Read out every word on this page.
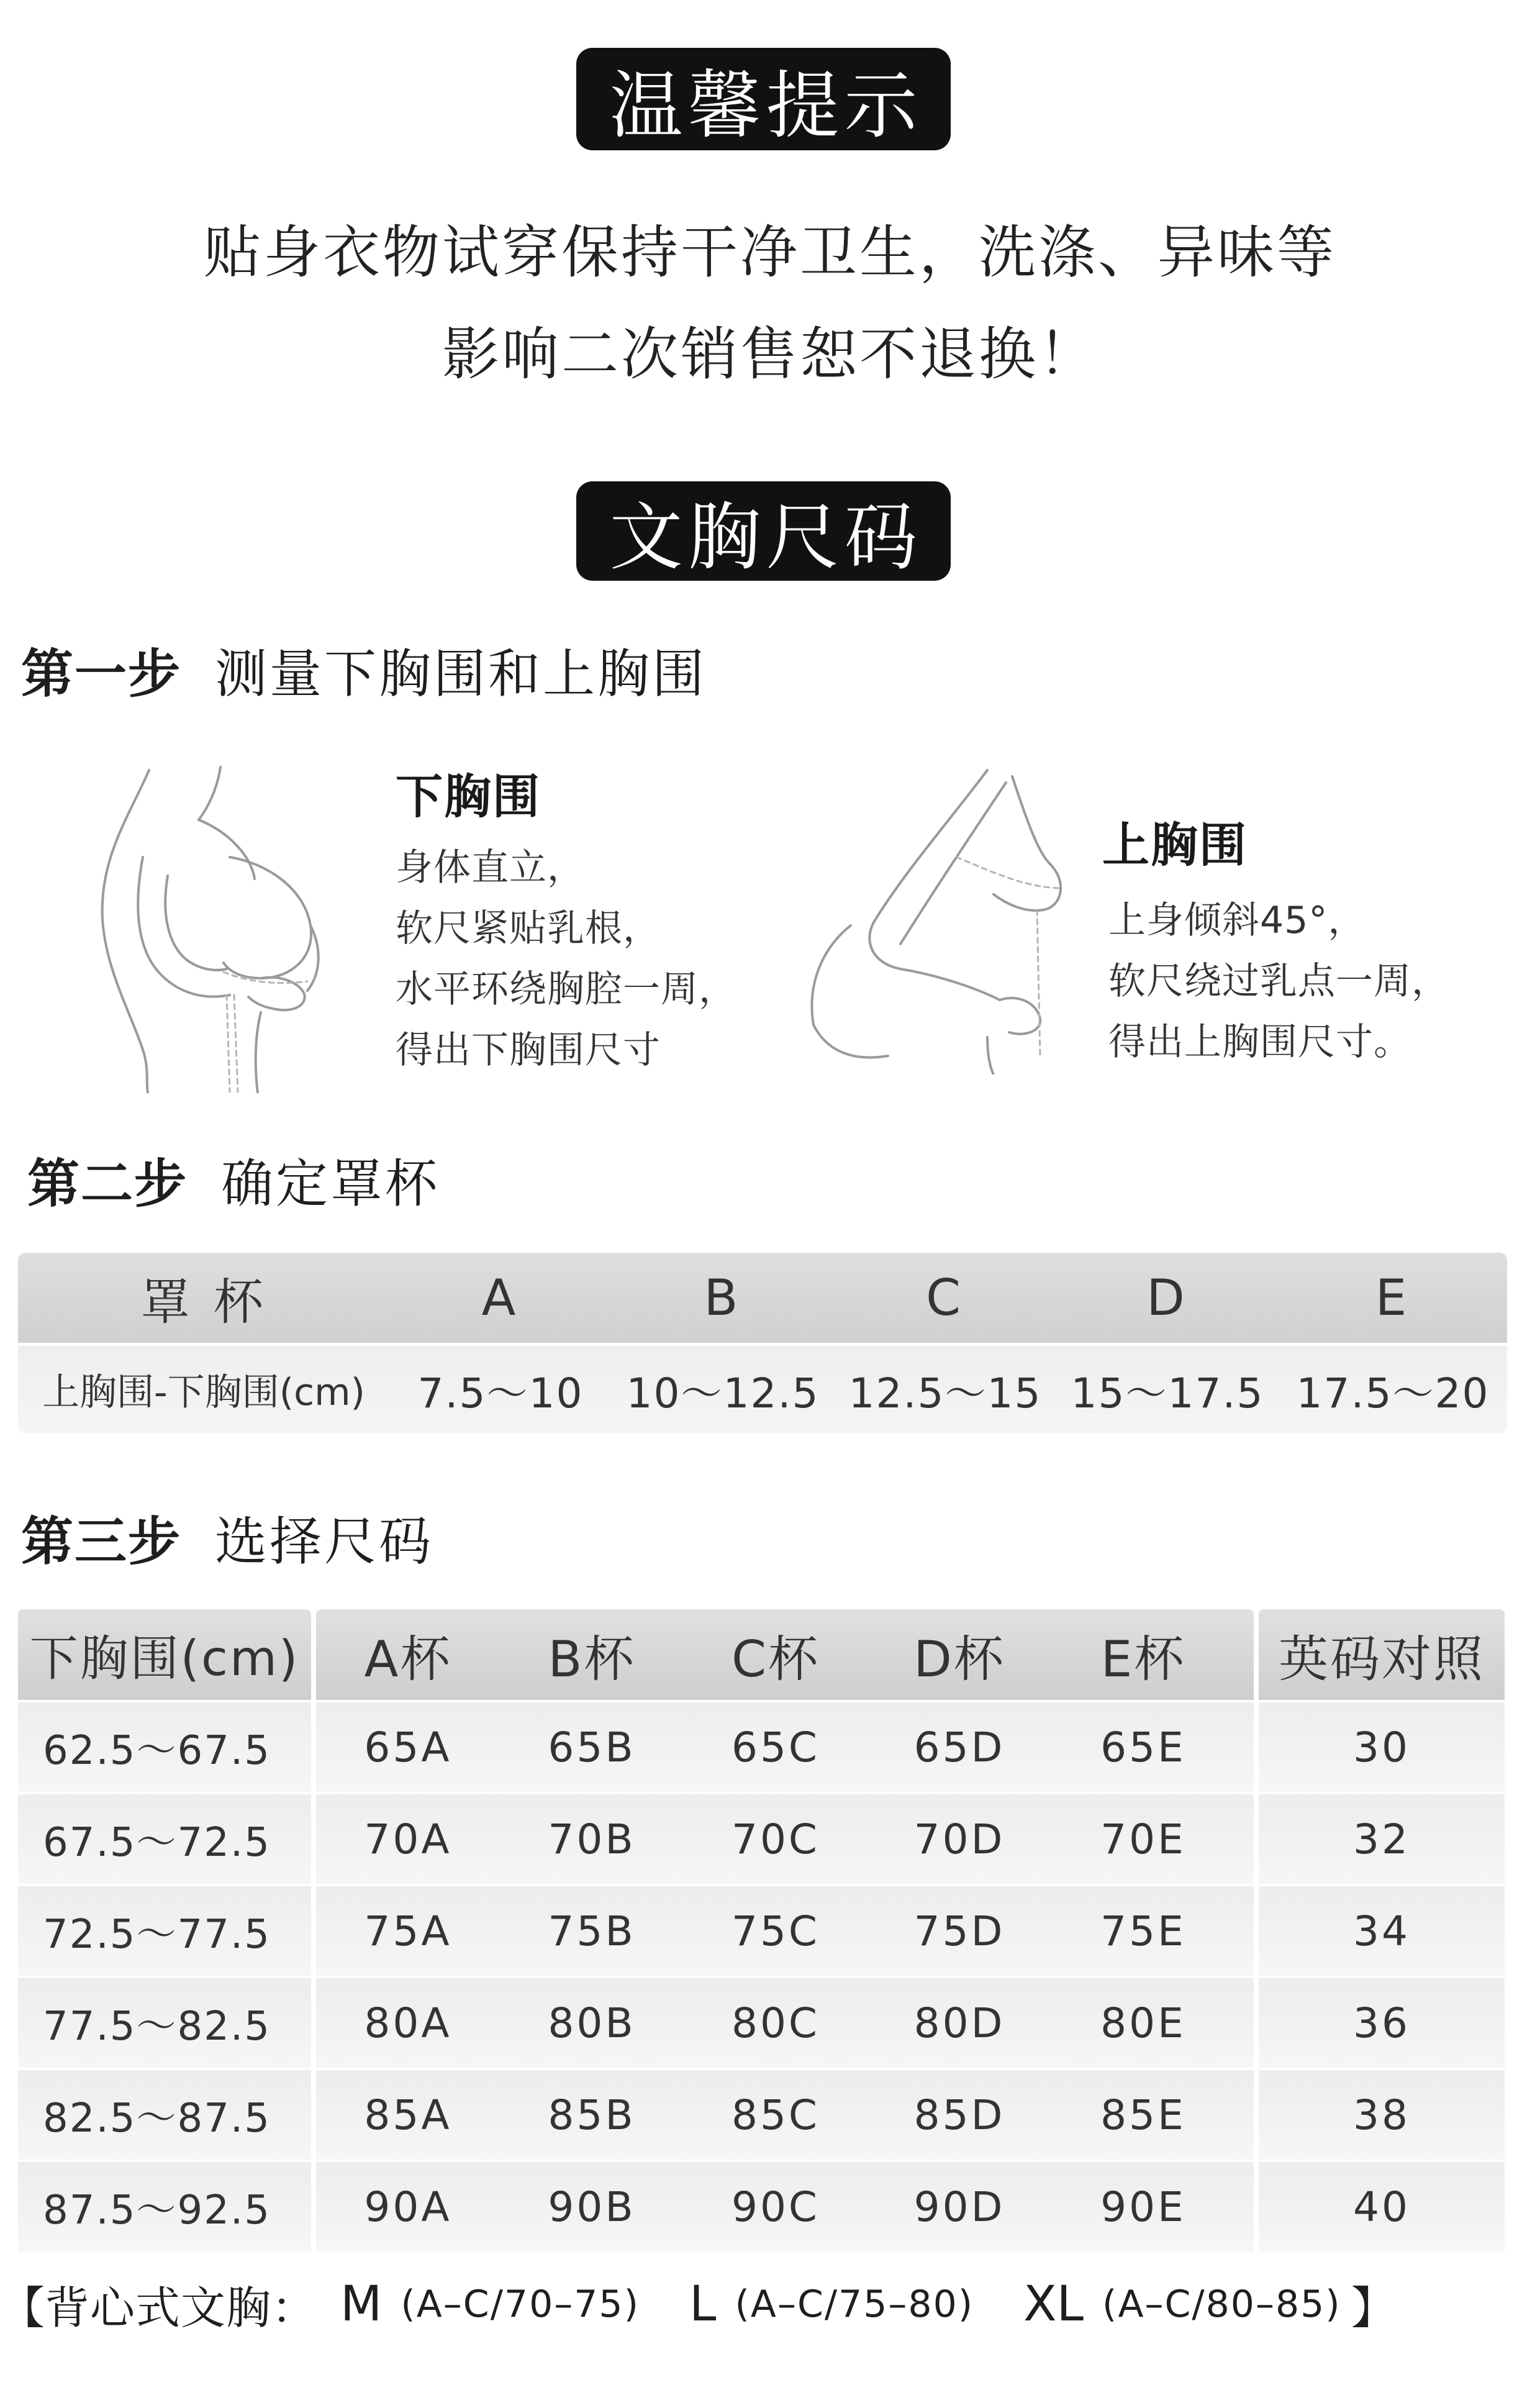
温馨提示
贴身衣物试穿保持干净卫生，洗涤、异味等
影响二次销售恕不退换！
文胸尺码
第一步 测量下胸围和上胸围
下胸围
身体直立，
软尺紧贴乳根，
水平环绕胸腔一周，
得出下胸围尺寸
上胸围
上身倾斜45°，
软尺绕过乳点一周，
得出上胸围尺寸。
第二步 确定罩杯
罩 杯	A	B	C	D	E
上胸围-下胸围(cm)	7.5～10	10～12.5 12.5～15 15～17.5 17.5～20
第三步 选择尺码
下胸围(cm)	A杯	B杯	C杯	D杯	E杯	英码对照
62.5～67.5	65A	65B	65C	65D	65E	30
67.5～72.5	70A	70B	70C	70D	70E	32
72.5～77.5	75A	75B	75C	75D	75E	34
77.5～82.5	80A	80B	80C	80D	80E	36
82.5～87.5	85A	85B	85C	85D	85E	38
87.5～92.5	90A	90B	90C	90D	90E	40
【 背心式文胸： M (A–C/70–75) L (A–C/75–80) XL (A–C/80–85) 】
